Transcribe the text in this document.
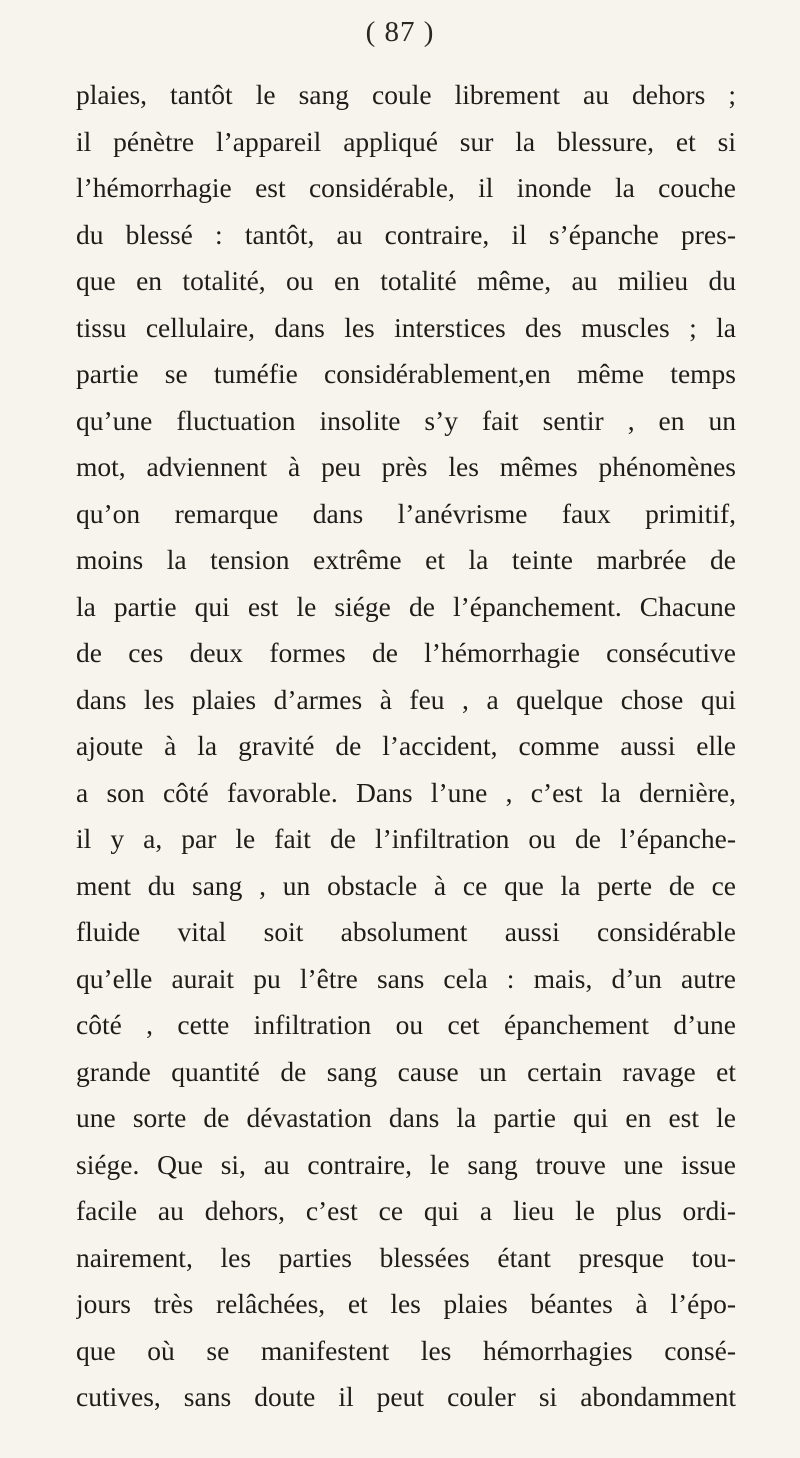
( 87 )
plaies, tantôt le sang coule librement au dehors ;
il pénètre l’appareil appliqué sur la blessure, et si
l’hémorrhagie est considérable, il inonde la couche
du blessé : tantôt, au contraire, il s’épanche pres-
que en totalité, ou en totalité même, au milieu du
tissu cellulaire, dans les interstices des muscles ; la
partie se tuméfie considérablement,en même temps
qu’une fluctuation insolite s’y fait sentir , en un
mot, adviennent à peu près les mêmes phénomènes
qu’on remarque dans l’anévrisme faux primitif,
moins la tension extrême et la teinte marbrée de
la partie qui est le siége de l’épanchement. Chacune
de ces deux formes de l’hémorrhagie consécutive
dans les plaies d’armes à feu , a quelque chose qui
ajoute à la gravité de l’accident, comme aussi elle
a son côté favorable. Dans l’une , c’est la dernière,
il y a, par le fait de l’infiltration ou de l’épanche-
ment du sang , un obstacle à ce que la perte de ce
fluide vital soit absolument aussi considérable
qu’elle aurait pu l’être sans cela : mais, d’un autre
côté , cette infiltration ou cet épanchement d’une
grande quantité de sang cause un certain ravage et
une sorte de dévastation dans la partie qui en est le
siége. Que si, au contraire, le sang trouve une issue
facile au dehors, c’est ce qui a lieu le plus ordi-
nairement, les parties blessées étant presque tou-
jours très relâchées, et les plaies béantes à l’épo-
que où se manifestent les hémorrhagies consé-
cutives, sans doute il peut couler si abondamment
